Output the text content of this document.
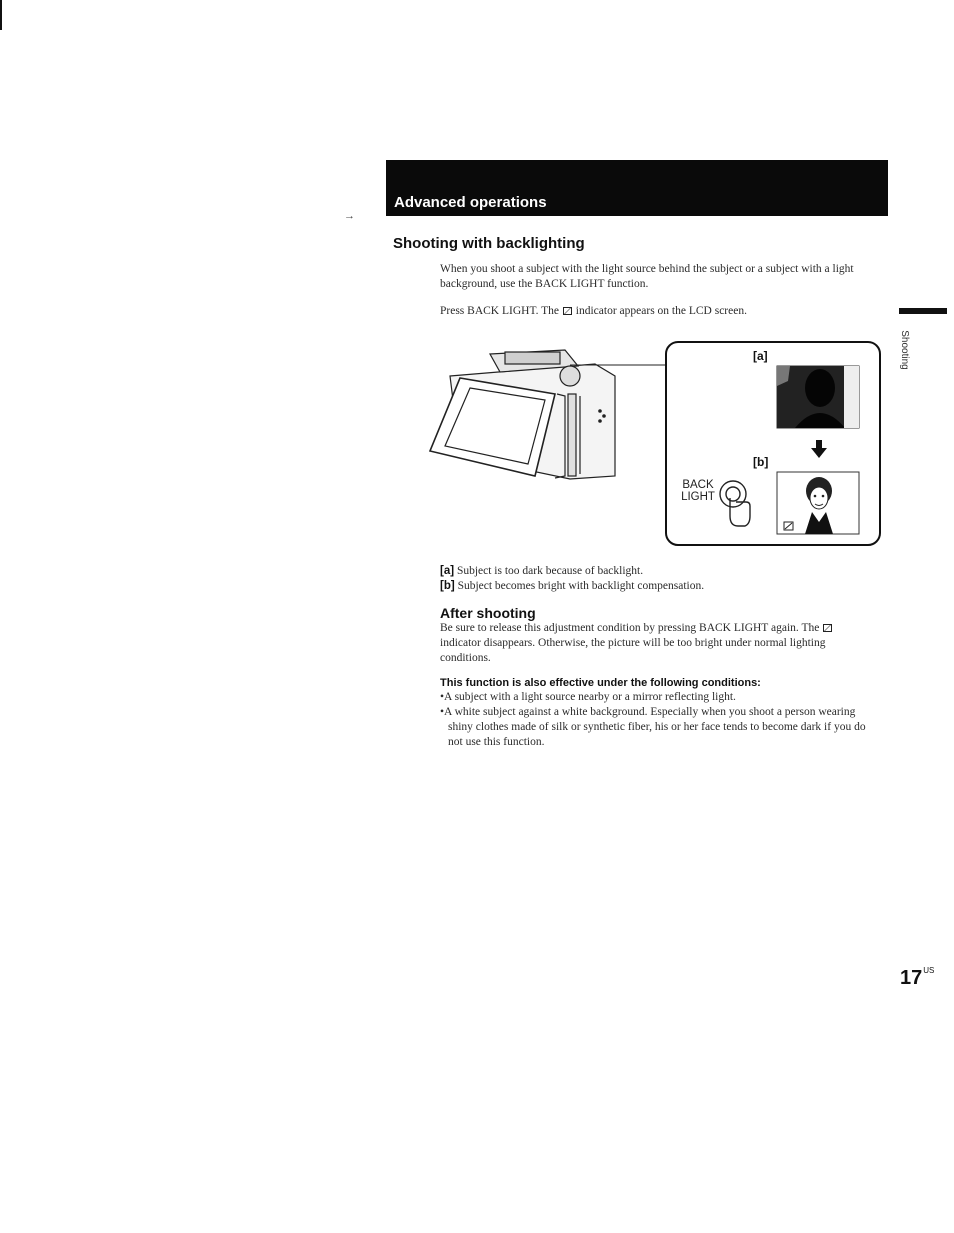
→
Advanced operations
Shooting with backlighting
When you shoot a subject with the light source behind the subject or a subject with a light background, use the BACK LIGHT function.
Press BACK LIGHT. The  indicator appears on the LCD screen.
[a]
[b]
BACK
LIGHT
[a] Subject is too dark because of backlight.
[b] Subject becomes bright with backlight compensation.
After shooting
Be sure to release this adjustment condition by pressing BACK LIGHT again. The  indicator disappears. Otherwise, the picture will be too bright under normal lighting conditions.
This function is also effective under the following conditions:
• A subject with a light source nearby or a mirror reflecting light.
• A white subject against a white background. Especially when you shoot a person wearing shiny clothes made of silk or synthetic fiber, his or her face tends to become dark if you do not use this function.
Shooting
$17^{US}$
